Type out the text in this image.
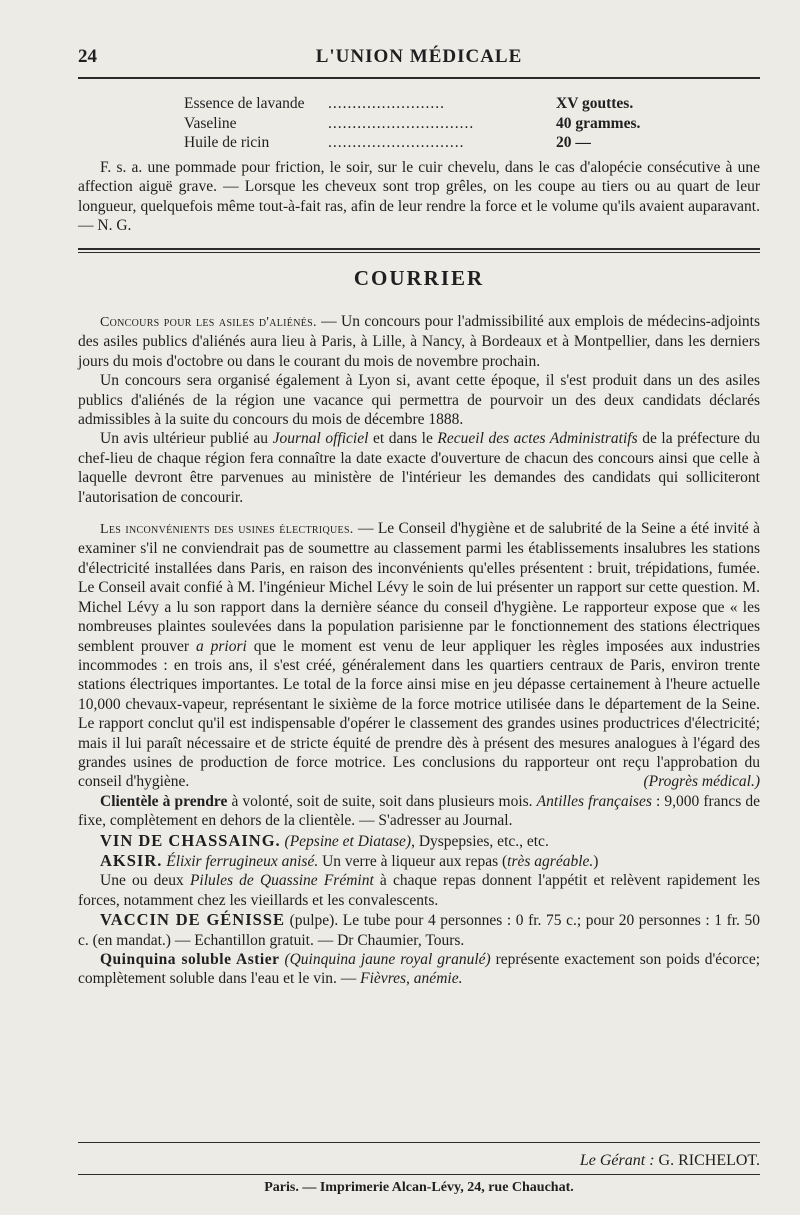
24	L'UNION MÉDICALE
Essence de lavande ........................	XV gouttes.
Vaseline	..............................	40 grammes.
Huile de ricin	............................	20 —

F. s. a. une pommade pour friction, le soir, sur le cuir chevelu, dans le cas d'alopécie consécutive à une affection aiguë grave. — Lorsque les cheveux sont trop grêles, on les coupe au tiers ou au quart de leur longueur, quelquefois même tout-à-fait ras, afin de leur rendre la force et le volume qu'ils avaient auparavant. — N. G.

COURRIER

Concours pour les asiles d'aliénés. — Un concours pour l'admissibilité aux emplois de médecins-adjoints des asiles publics d'aliénés aura lieu à Paris, à Lille, à Nancy, à Bordeaux et à Montpellier, dans les derniers jours du mois d'octobre ou dans le courant du mois de novembre prochain.

Un concours sera organisé également à Lyon si, avant cette époque, il s'est produit dans un des asiles publics d'aliénés de la région une vacance qui permettra de pourvoir un des deux candidats déclarés admissibles à la suite du concours du mois de décembre 1888.

Un avis ultérieur publié au Journal officiel et dans le Recueil des actes Administratifs de la préfecture du chef-lieu de chaque région fera connaître la date exacte d'ouverture de chacun des concours ainsi que celle à laquelle devront être parvenues au ministère de l'intérieur les demandes des candidats qui solliciteront l'autorisation de concourir.

Les inconvénients des usines électriques. — Le Conseil d'hygiène et de salubrité de la Seine a été invité à examiner s'il ne conviendrait pas de soumettre au classement parmi les établissements insalubres les stations d'électricité installées dans Paris, en raison des inconvénients qu'elles présentent : bruit, trépidations, fumée. Le Conseil avait confié à M. l'ingénieur Michel Lévy le soin de lui présenter un rapport sur cette question. M. Michel Lévy a lu son rapport dans la dernière séance du conseil d'hygiène. Le rapporteur expose que « les nombreuses plaintes soulevées dans la population parisienne par le fonctionnement des stations électriques semblent prouver a priori que le moment est venu de leur appliquer les règles imposées aux industries incommodes : en trois ans, il s'est créé, généralement dans les quartiers centraux de Paris, environ trente stations électriques importantes. Le total de la force ainsi mise en jeu dépasse certainement à l'heure actuelle 10,000 chevaux-vapeur, représentant le sixième de la force motrice utilisée dans le département de la Seine. Le rapport conclut qu'il est indispensable d'opérer le classement des grandes usines productrices d'électricité; mais il lui paraît nécessaire et de stricte équité de prendre dès à présent des mesures analogues à l'égard des grandes usines de production de force motrice. Les conclusions du rapporteur ont reçu l'approbation du conseil d'hygiène.	(Progrès médical.)

Clientèle à prendre à volonté, soit de suite, soit dans plusieurs mois. Antilles françaises : 9,000 francs de fixe, complètement en dehors de la clientèle. — S'adresser au Journal.

VIN DE CHASSAING. (Pepsine et Diatase), Dyspepsies, etc., etc.

AKSIR. Élixir ferrugineux anisé. Un verre à liqueur aux repas (très agréable.)

Une ou deux Pilules de Quassine Frémint à chaque repas donnent l'appétit et relèvent rapidement les forces, notamment chez les vieillards et les convalescents.

VACCIN DE GÉNISSE (pulpe). Le tube pour 4 personnes : 0 fr. 75 c.; pour 20 personnes : 1 fr. 50 c. (en mandat.) — Echantillon gratuit. — Dr Chaumier, Tours.

Quinquina soluble Astier (Quinquina jaune royal granulé) représente exactement son poids d'écorce; complètement soluble dans l'eau et le vin. — Fièvres, anémie.

Le Gérant : G. RICHELOT.
Paris. — Imprimerie Alcan-Lévy, 24, rue Chauchat.
